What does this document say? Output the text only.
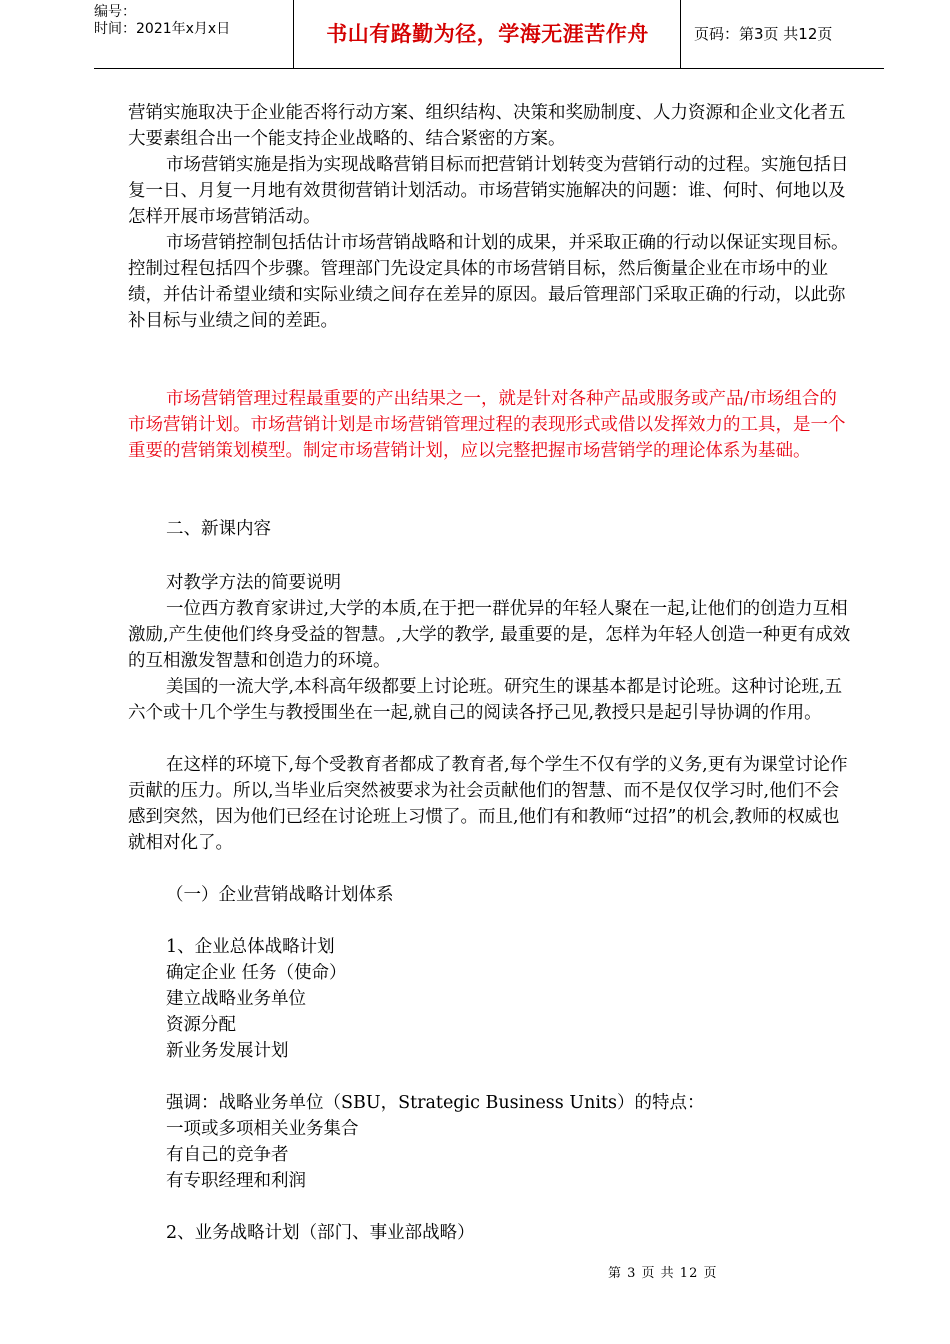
编号：
时间：2021年x月x日	书山有路勤为径，学海无涯苦作舟	页码：第3页 共12页

营销实施取决于企业能否将行动方案、组织结构、决策和奖励制度、人力资源和企业文化者五大要素组合出一个能支持企业战略的、结合紧密的方案。

市场营销实施是指为实现战略营销目标而把营销计划转变为营销行动的过程。实施包括日复一日、月复一月地有效贯彻营销计划活动。市场营销实施解决的问题：谁、何时、何地以及怎样开展市场营销活动。

市场营销控制包括估计市场营销战略和计划的成果，并采取正确的行动以保证实现目标。控制过程包括四个步骤。管理部门先设定具体的市场营销目标，然后衡量企业在市场中的业绩，并估计希望业绩和实际业绩之间存在差异的原因。最后管理部门采取正确的行动，以此弥补目标与业绩之间的差距。

市场营销管理过程最重要的产出结果之一，就是针对各种产品或服务或产品/市场组合的市场营销计划。市场营销计划是市场营销管理过程的表现形式或借以发挥效力的工具，是一个重要的营销策划模型。制定市场营销计划，应以完整把握市场营销学的理论体系为基础。

二、新课内容

对教学方法的简要说明

一位西方教育家讲过,大学的本质,在于把一群优异的年轻人聚在一起,让他们的创造力互相激励,产生使他们终身受益的智慧。,大学的教学, 最重要的是，怎样为年轻人创造一种更有成效的互相激发智慧和创造力的环境。

美国的一流大学,本科高年级都要上讨论班。研究生的课基本都是讨论班。这种讨论班,五六个或十几个学生与教授围坐在一起,就自己的阅读各抒己见,教授只是起引导协调的作用。

在这样的环境下,每个受教育者都成了教育者,每个学生不仅有学的义务,更有为课堂讨论作贡献的压力。所以,当毕业后突然被要求为社会贡献他们的智慧、而不是仅仅学习时,他们不会感到突然，因为他们已经在讨论班上习惯了。而且,他们有和教师“过招”的机会,教师的权威也就相对化了。

（一）企业营销战略计划体系

1、企业总体战略计划

确定企业 任务（使命）

建立战略业务单位

资源分配

新业务发展计划

强调：战略业务单位（SBU，Strategic Business Units）的特点：

一项或多项相关业务集合

有自己的竞争者

有专职经理和利润

2、业务战略计划（部门、事业部战略）

第 3 页 共 12 页
